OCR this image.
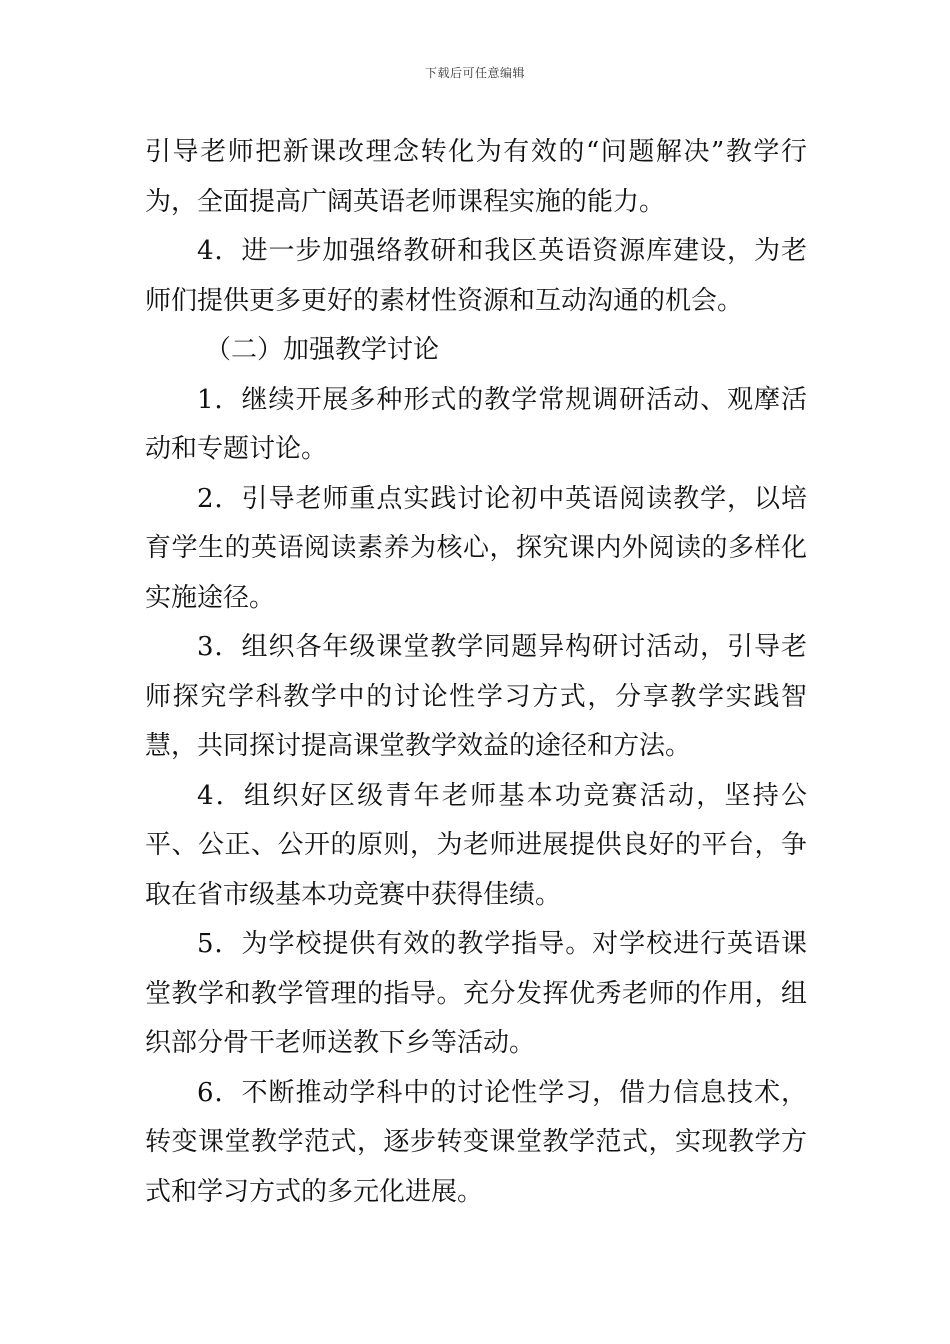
下载后可任意编辑

引导老师把新课改理念转化为有效的“问题解决”教学行为，全面提高广阔英语老师课程实施的能力。

4．进一步加强络教研和我区英语资源库建设，为老师们提供更多更好的素材性资源和互动沟通的机会。

（二）加强教学讨论

1．继续开展多种形式的教学常规调研活动、观摩活动和专题讨论。

2．引导老师重点实践讨论初中英语阅读教学，以培育学生的英语阅读素养为核心，探究课内外阅读的多样化实施途径。

3．组织各年级课堂教学同题异构研讨活动，引导老师探究学科教学中的讨论性学习方式，分享教学实践智慧，共同探讨提高课堂教学效益的途径和方法。

4．组织好区级青年老师基本功竞赛活动，坚持公平、公正、公开的原则，为老师进展提供良好的平台，争取在省市级基本功竞赛中获得佳绩。

5．为学校提供有效的教学指导。对学校进行英语课堂教学和教学管理的指导。充分发挥优秀老师的作用，组织部分骨干老师送教下乡等活动。

6．不断推动学科中的讨论性学习，借力信息技术，转变课堂教学范式，逐步转变课堂教学范式，实现教学方式和学习方式的多元化进展。
